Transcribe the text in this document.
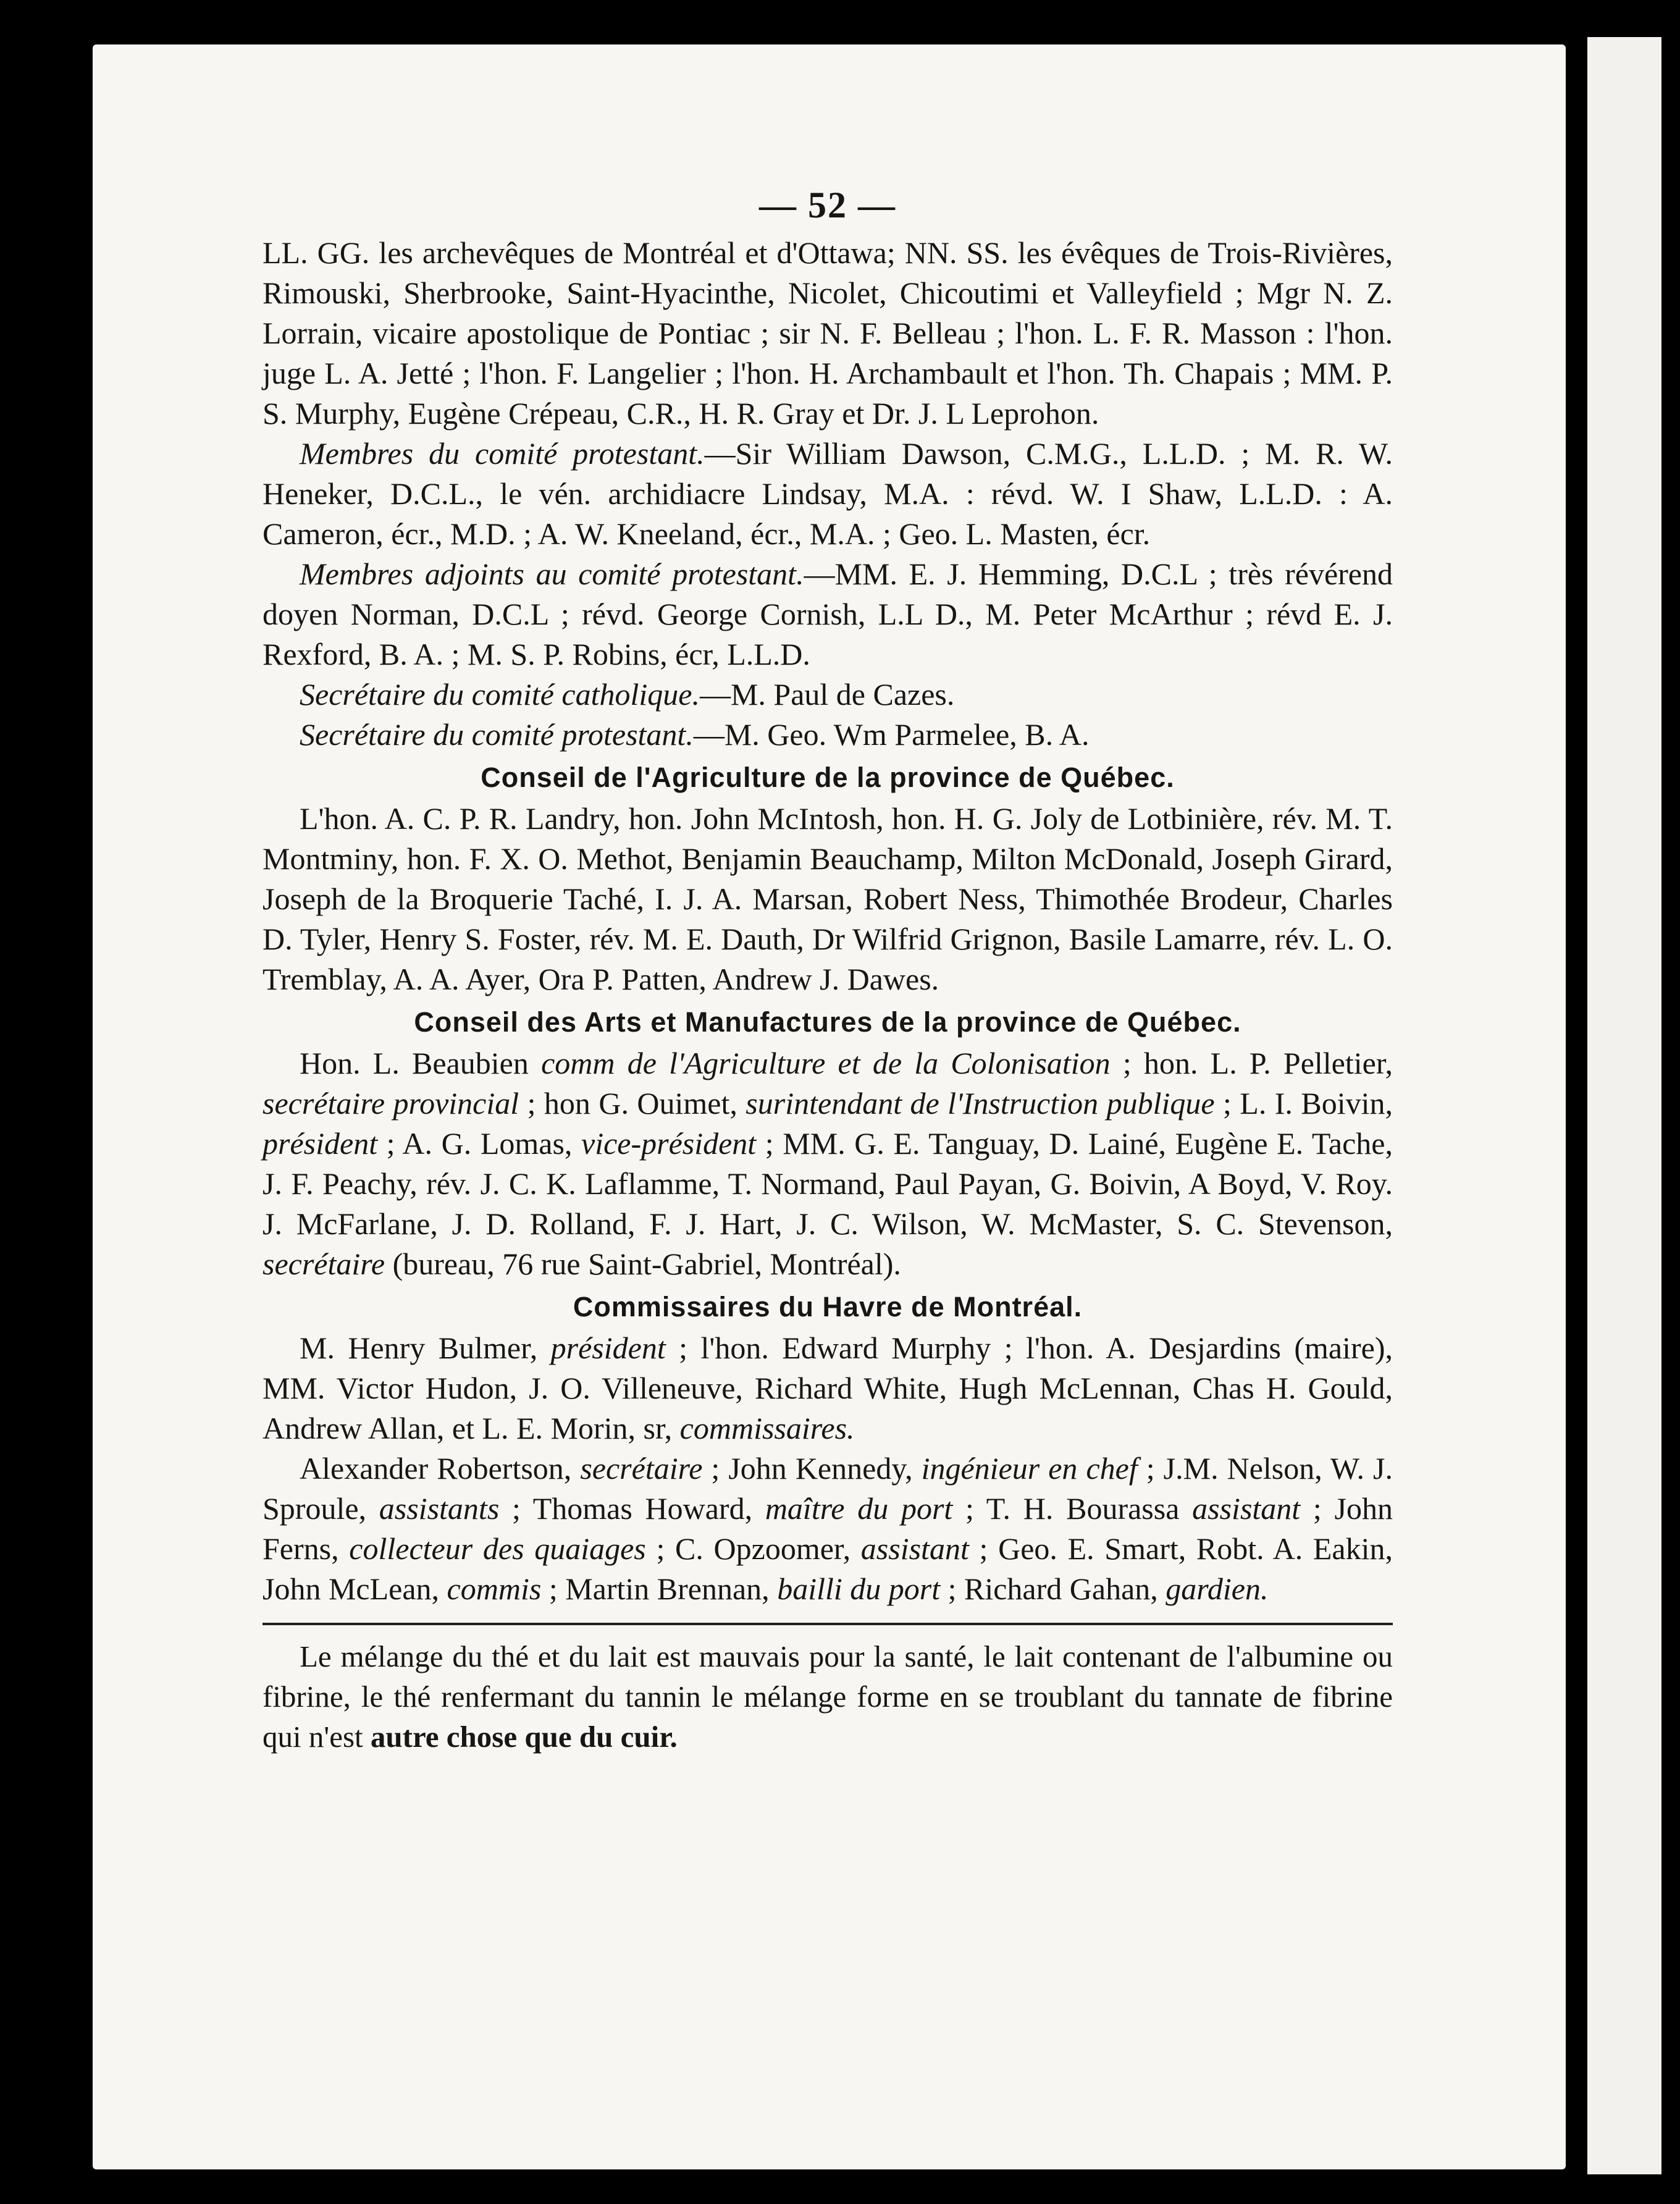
— 52 —

LL. GG. les archevêques de Montréal et d'Ottawa; NN. SS. les évêques de Trois-Rivières, Rimouski, Sherbrooke, Saint-Hyacinthe, Nicolet, Chicoutimi et Valleyfield ; Mgr N. Z. Lorrain, vicaire apostolique de Pontiac ; sir N. F. Belleau ; l'hon. L. F. R. Masson : l'hon. juge L. A. Jetté ; l'hon. F. Langelier ; l'hon. H. Archambault et l'hon. Th. Chapais ; MM. P. S. Murphy, Eugène Crépeau, C.R., H. R. Gray et Dr. J. L Leprohon.

Membres du comité protestant.—Sir William Dawson, C.M.G., L.L.D. ; M. R. W. Heneker, D.C.L., le vén. archidiacre Lindsay, M.A. : révd. W. I Shaw, L.L.D. : A. Cameron, écr., M.D. ; A. W. Kneeland, écr., M.A. ; Geo. L. Masten, écr.

Membres adjoints au comité protestant.—MM. E. J. Hemming, D.C.L ; très révérend doyen Norman, D.C.L ; révd. George Cornish, L.L D., M. Peter McArthur ; révd E. J. Rexford, B. A. ; M. S. P. Robins, écr, L.L.D.

Secrétaire du comité catholique.—M. Paul de Cazes.

Secrétaire du comité protestant.—M. Geo. Wm Parmelee, B. A.

Conseil de l'Agriculture de la province de Québec.

L'hon. A. C. P. R. Landry, hon. John McIntosh, hon. H. G. Joly de Lotbinière, rév. M. T. Montminy, hon. F. X. O. Methot, Benjamin Beauchamp, Milton McDonald, Joseph Girard, Joseph de la Broquerie Taché, I. J. A. Marsan, Robert Ness, Thimothée Brodeur, Charles D. Tyler, Henry S. Foster, rév. M. E. Dauth, Dr Wilfrid Grignon, Basile Lamarre, rév. L. O. Tremblay, A. A. Ayer, Ora P. Patten, Andrew J. Dawes.

Conseil des Arts et Manufactures de la province de Québec.

Hon. L. Beaubien comm de l'Agriculture et de la Colonisation ; hon. L. P. Pelletier, secrétaire provincial ; hon G. Ouimet, surintendant de l'Instruction publique ; L. I. Boivin, président ; A. G. Lomas, vice-président ; MM. G. E. Tanguay, D. Lainé, Eugène E. Tache, J. F. Peachy, rév. J. C. K. Laflamme, T. Normand, Paul Payan, G. Boivin, A Boyd, V. Roy. J. McFarlane, J. D. Rolland, F. J. Hart, J. C. Wilson, W. McMaster, S. C. Stevenson, secrétaire (bureau, 76 rue Saint-Gabriel, Montréal).

Commissaires du Havre de Montréal.

M. Henry Bulmer, président ; l'hon. Edward Murphy ; l'hon. A. Desjardins (maire), MM. Victor Hudon, J. O. Villeneuve, Richard White, Hugh McLennan, Chas H. Gould, Andrew Allan, et L. E. Morin, sr, commissaires.

Alexander Robertson, secrétaire ; John Kennedy, ingénieur en chef ; J.M. Nelson, W. J. Sproule, assistants ; Thomas Howard, maître du port ; T. H. Bourassa assistant ; John Ferns, collecteur des quaiages ; C. Opzoomer, assistant ; Geo. E. Smart, Robt. A. Eakin, John McLean, commis ; Martin Brennan, bailli du port ; Richard Gahan, gardien.

Le mélange du thé et du lait est mauvais pour la santé, le lait contenant de l'albumine ou fibrine, le thé renfermant du tannin le mélange forme en se troublant du tannate de fibrine qui n'est autre chose que du cuir.
